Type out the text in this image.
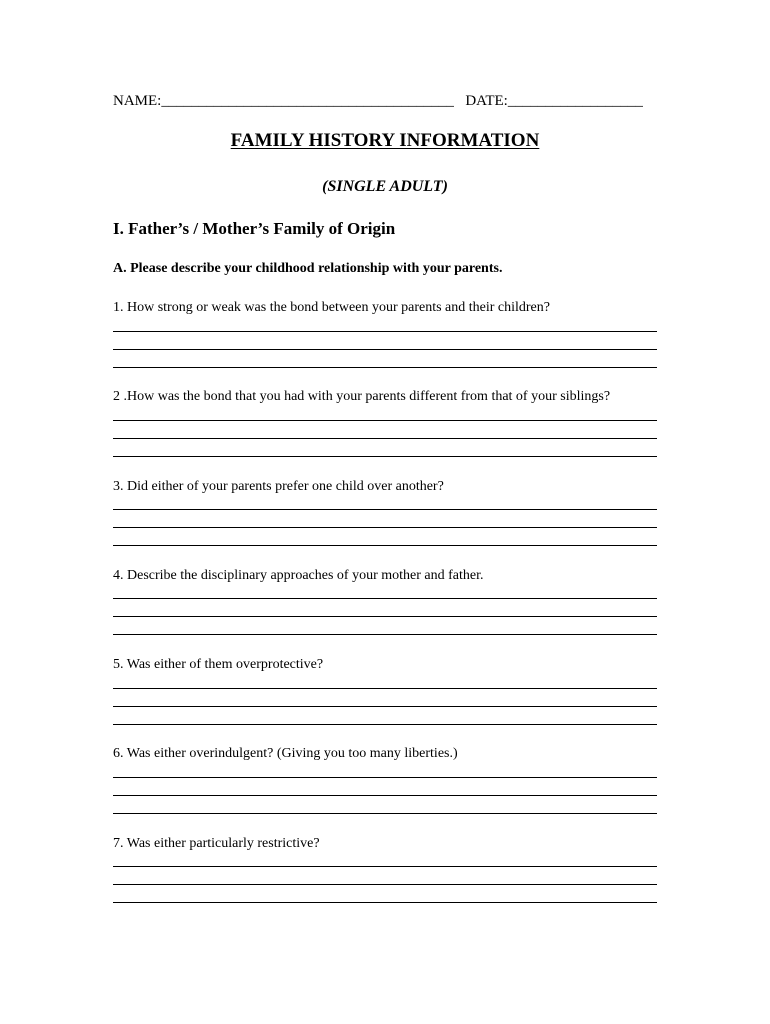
NAME:_______________________________________ DATE:__________________
FAMILY HISTORY INFORMATION
(SINGLE ADULT)
I. Father’s / Mother’s Family of Origin
A. Please describe your childhood relationship with your parents.
1. How strong or weak was the bond between your parents and their children?
2 .How was the bond that you had with your parents different from that of your siblings?
3. Did either of your parents prefer one child over another?
4. Describe the disciplinary approaches of your mother and father.
5. Was either of them overprotective?
6. Was either overindulgent? (Giving you too many liberties.)
7. Was either particularly restrictive?
